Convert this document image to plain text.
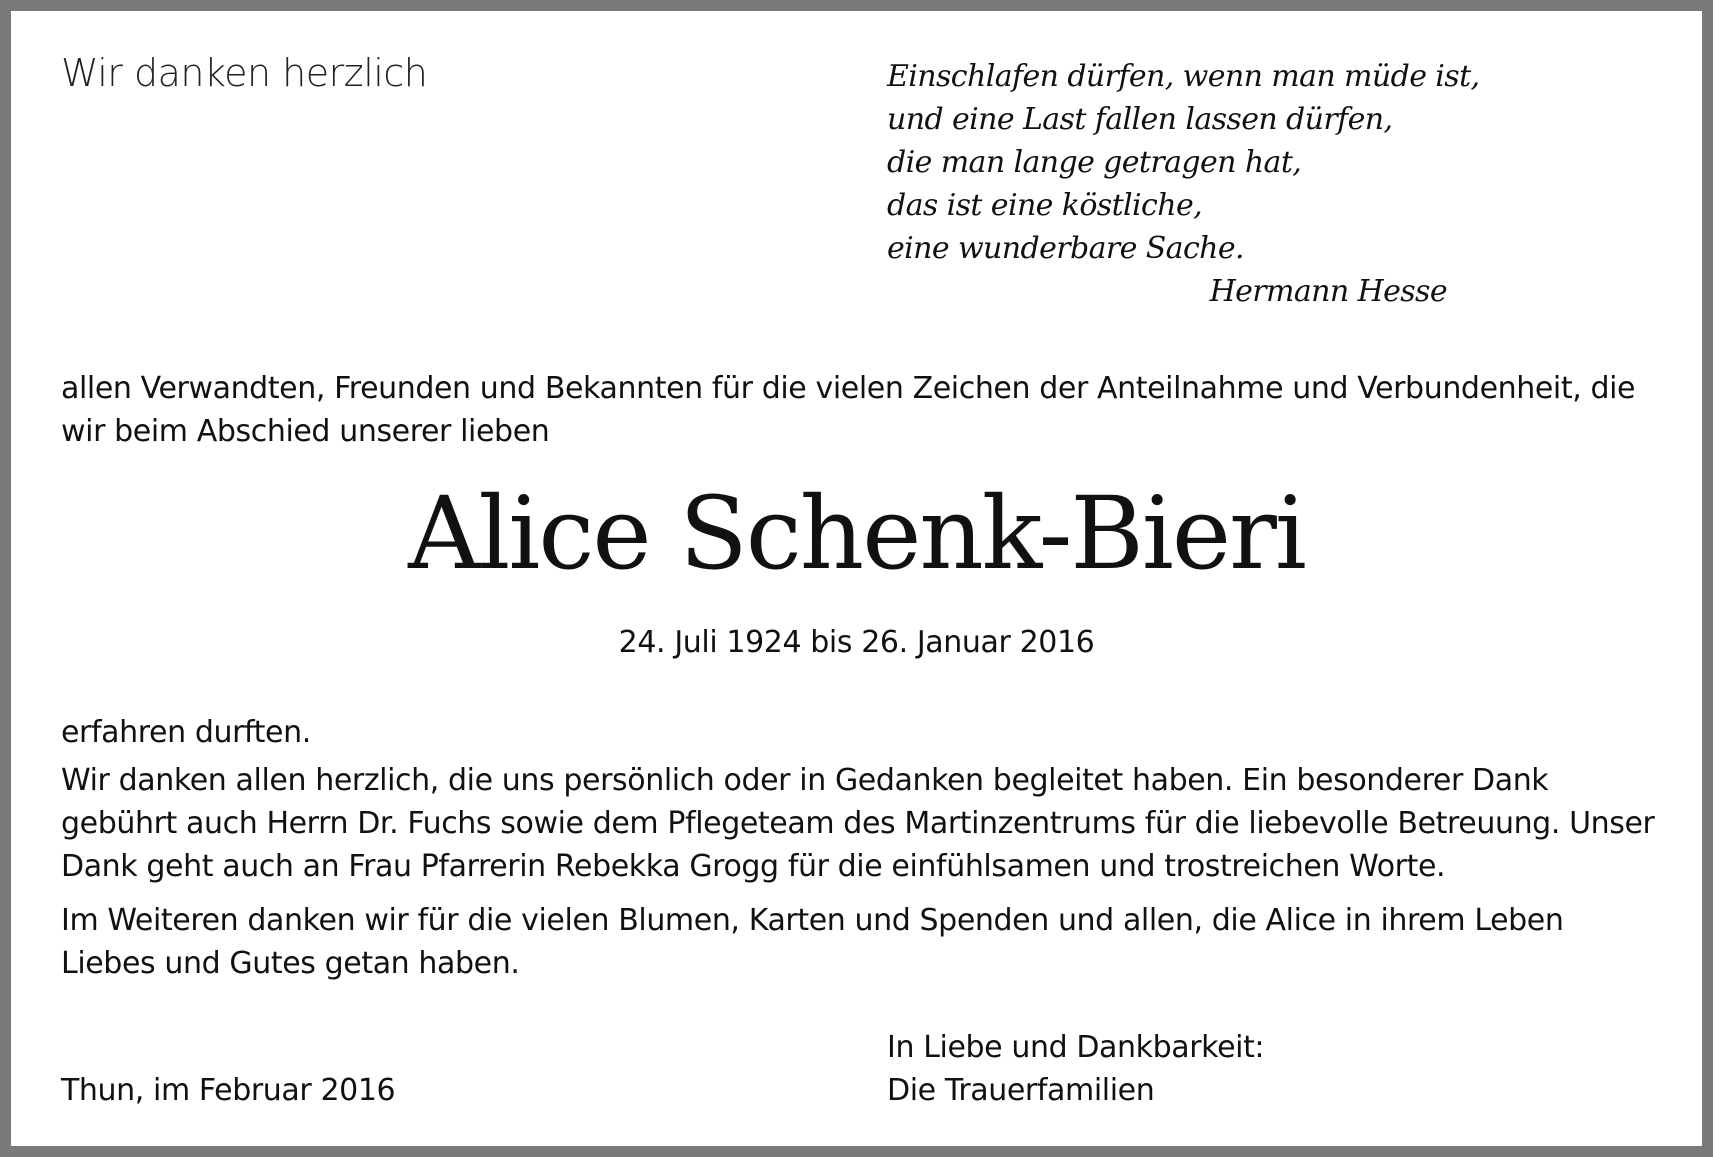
Wir danken herzlich	Einschlafen dürfen, wenn man müde ist,
und eine Last fallen lassen dürfen,
die man lange getragen hat,
das ist eine köstliche,
eine wunderbare Sache.

Hermann Hesse

allen Verwandten, Freunden und Bekannten für die vielen Zeichen der Anteilnahme und Verbundenheit, die wir beim Abschied unserer lieben

Alice Schenk-Bieri

24. Juli 1924 bis 26. Januar 2016

erfahren durften.

Wir danken allen herzlich, die uns persönlich oder in Gedanken begleitet haben. Ein besonderer Dank gebührt auch Herrn Dr. Fuchs sowie dem Pflegeteam des Martinzentrums für die liebevolle Betreuung. Unser Dank geht auch an Frau Pfarrerin Rebekka Grogg für die einfühlsamen und trostreichen Worte.

Im Weiteren danken wir für die vielen Blumen, Karten und Spenden und allen, die Alice in ihrem Leben Liebes und Gutes getan haben.

In Liebe und Dankbarkeit:
Die Trauerfamilien

Thun, im Februar 2016
